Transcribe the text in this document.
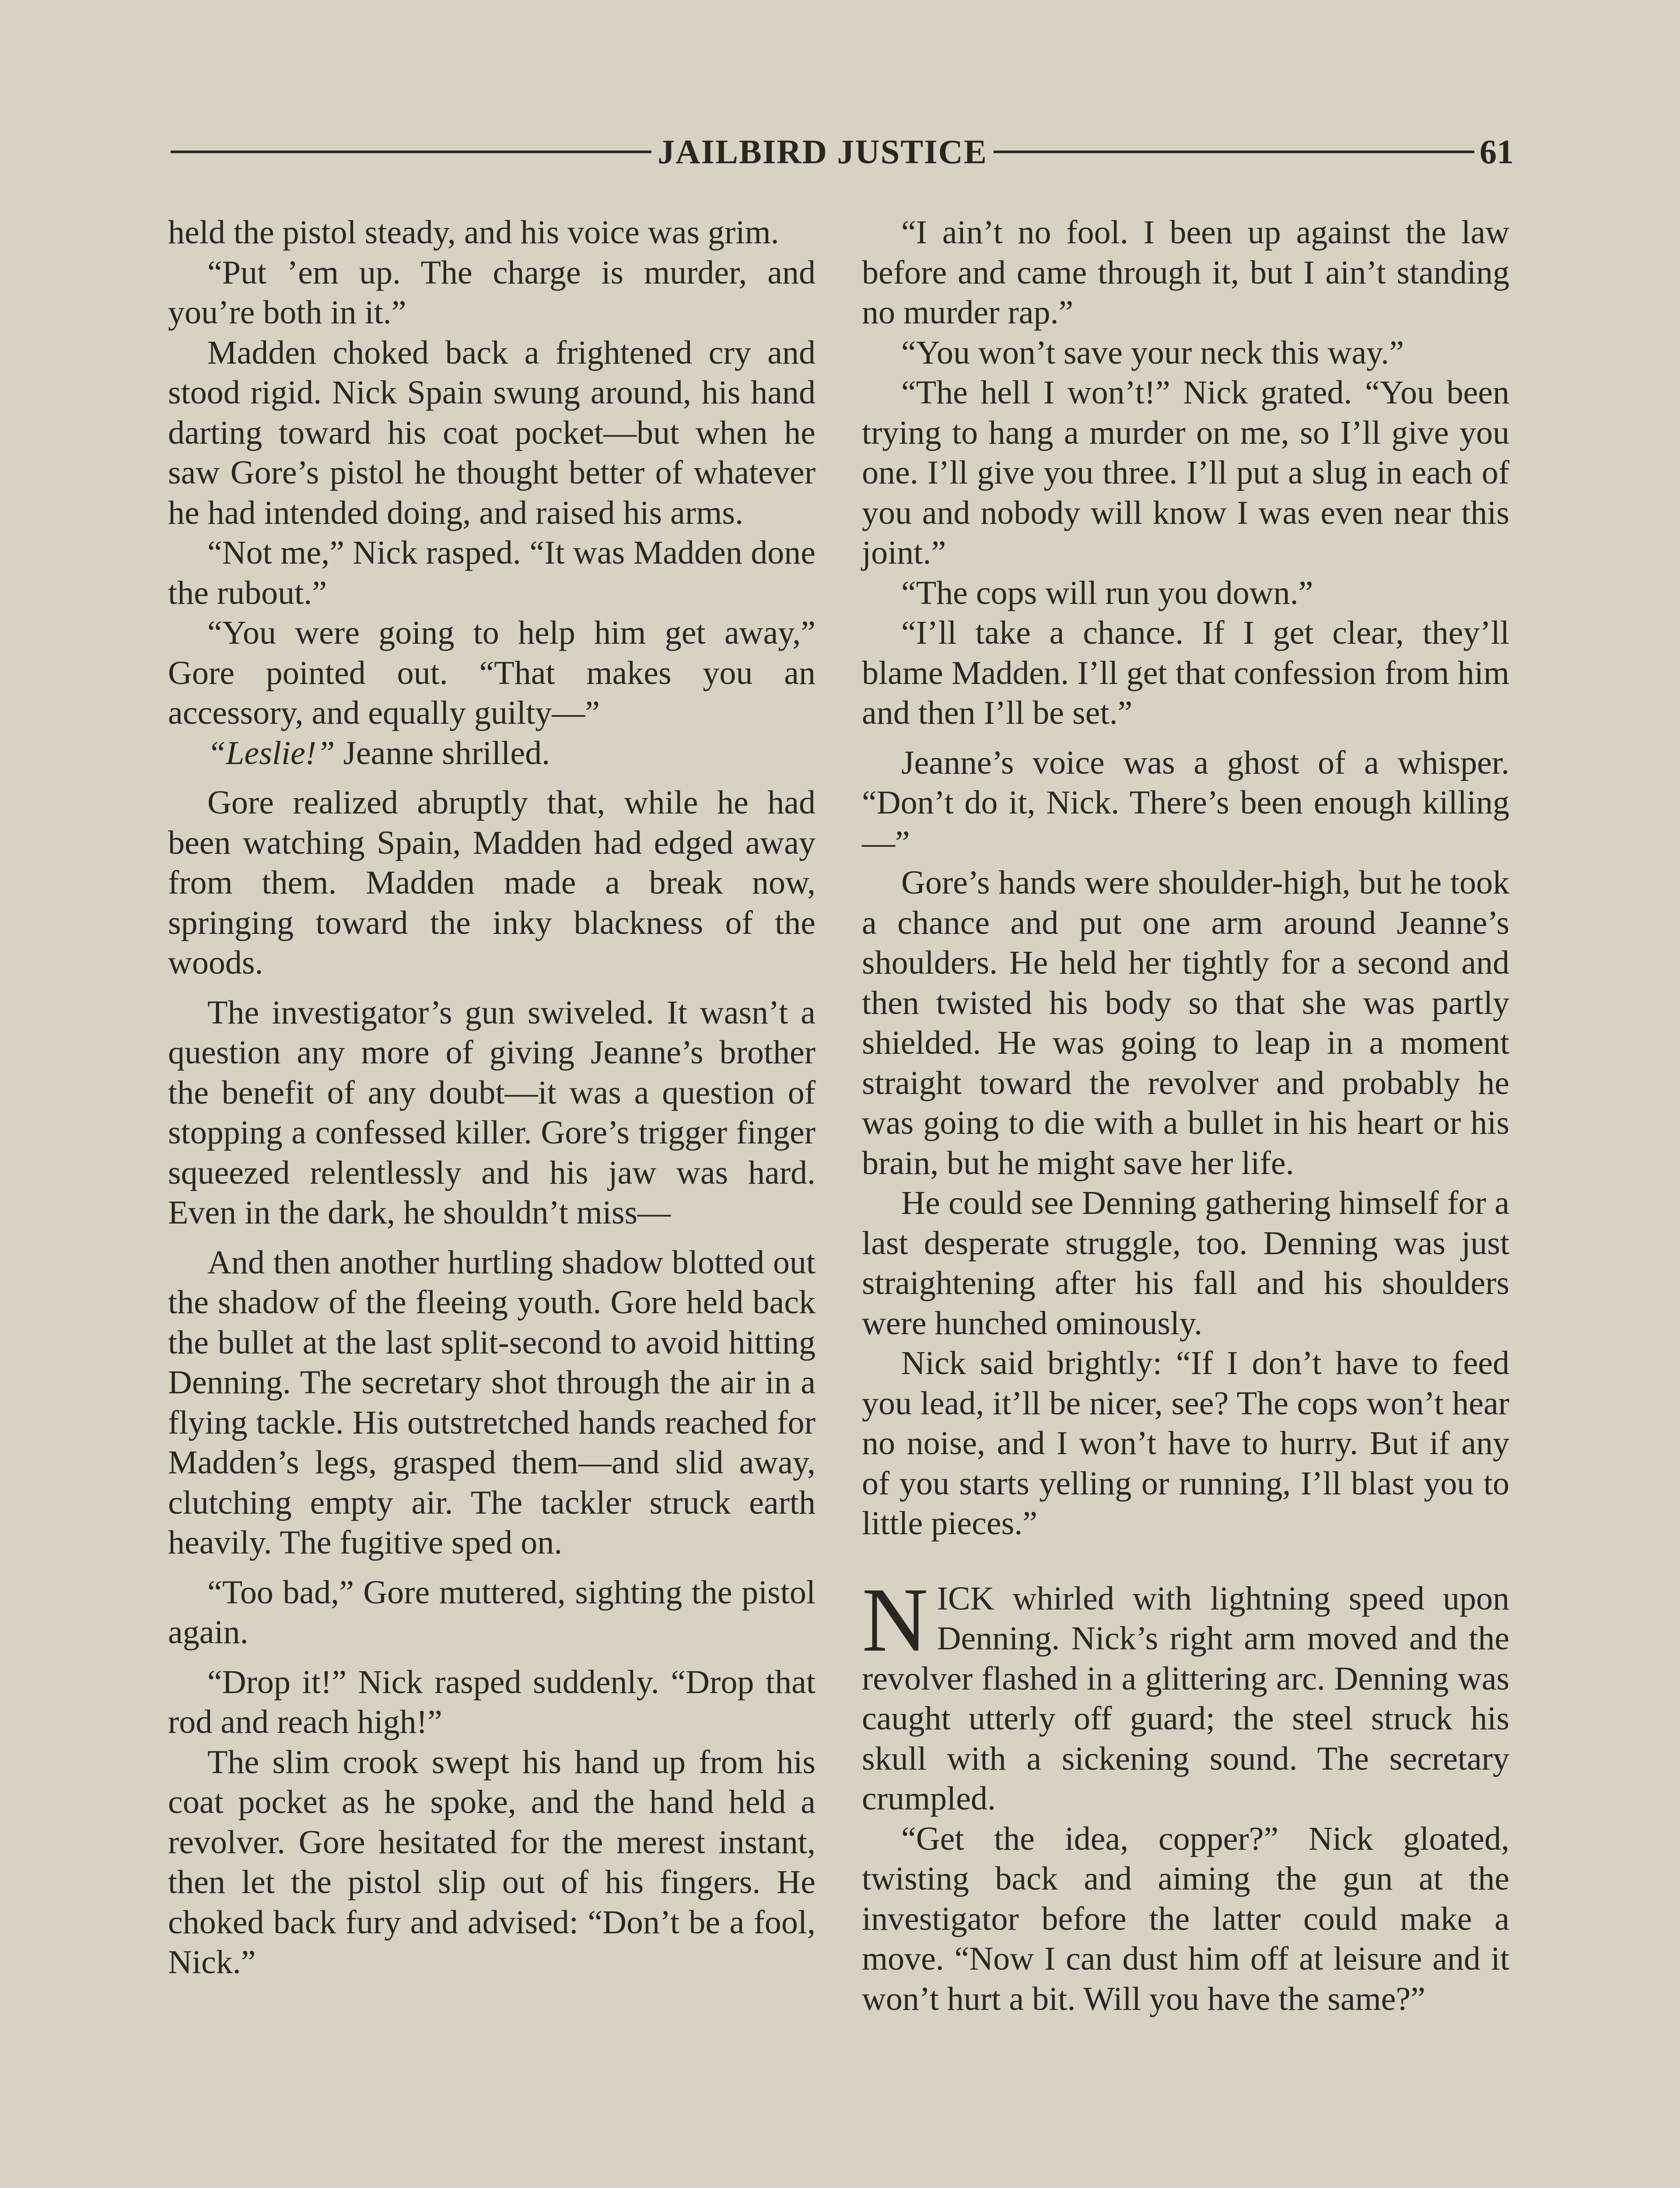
JAILBIRD JUSTICE	61

held the pistol steady, and his voice was grim.

“Put ’em up. The charge is murder, and you’re both in it.”

Madden choked back a frightened cry and stood rigid. Nick Spain swung around, his hand darting toward his coat pocket—but when he saw Gore’s pistol he thought better of whatever he had intended doing, and raised his arms.

“Not me,” Nick rasped. “It was Madden done the rubout.”

“You were going to help him get away,” Gore pointed out. “That makes you an accessory, and equally guilty—”

“Leslie!” Jeanne shrilled.

Gore realized abruptly that, while he had been watching Spain, Madden had edged away from them. Madden made a break now, springing toward the inky blackness of the woods.

The investigator’s gun swiveled. It wasn’t a question any more of giving Jeanne’s brother the benefit of any doubt—it was a question of stopping a confessed killer. Gore’s trigger finger squeezed relentlessly and his jaw was hard. Even in the dark, he shouldn’t miss—

And then another hurtling shadow blotted out the shadow of the fleeing youth. Gore held back the bullet at the last split-second to avoid hitting Denning. The secretary shot through the air in a flying tackle. His outstretched hands reached for Madden’s legs, grasped them—and slid away, clutching empty air. The tackler struck earth heavily. The fugitive sped on.

“Too bad,” Gore muttered, sighting the pistol again.

“Drop it!” Nick rasped suddenly. “Drop that rod and reach high!”

The slim crook swept his hand up from his coat pocket as he spoke, and the hand held a revolver. Gore hesitated for the merest instant, then let the pistol slip out of his fingers. He choked back fury and advised: “Don’t be a fool, Nick.”

“I ain’t no fool. I been up against the law before and came through it, but I ain’t standing no murder rap.”

“You won’t save your neck this way.”

“The hell I won’t!” Nick grated. “You been trying to hang a murder on me, so I’ll give you one. I’ll give you three. I’ll put a slug in each of you and nobody will know I was even near this joint.”

“The cops will run you down.”

“I’ll take a chance. If I get clear, they’ll blame Madden. I’ll get that confession from him and then I’ll be set.”

Jeanne’s voice was a ghost of a whisper. “Don’t do it, Nick. There’s been enough killing—”

Gore’s hands were shoulder-high, but he took a chance and put one arm around Jeanne’s shoulders. He held her tightly for a second and then twisted his body so that she was partly shielded. He was going to leap in a moment straight toward the revolver and probably he was going to die with a bullet in his heart or his brain, but he might save her life.

He could see Denning gathering himself for a last desperate struggle, too. Denning was just straightening after his fall and his shoulders were hunched ominously.

Nick said brightly: “If I don’t have to feed you lead, it’ll be nicer, see? The cops won’t hear no noise, and I won’t have to hurry. But if any of you starts yelling or running, I’ll blast you to little pieces.”

NICK whirled with lightning speed upon Denning. Nick’s right arm moved and the revolver flashed in a glittering arc. Denning was caught utterly off guard; the steel struck his skull with a sickening sound. The secretary crumpled.

“Get the idea, copper?” Nick gloated, twisting back and aiming the gun at the investigator before the latter could make a move. “Now I can dust him off at leisure and it won’t hurt a bit. Will you have the same?”
